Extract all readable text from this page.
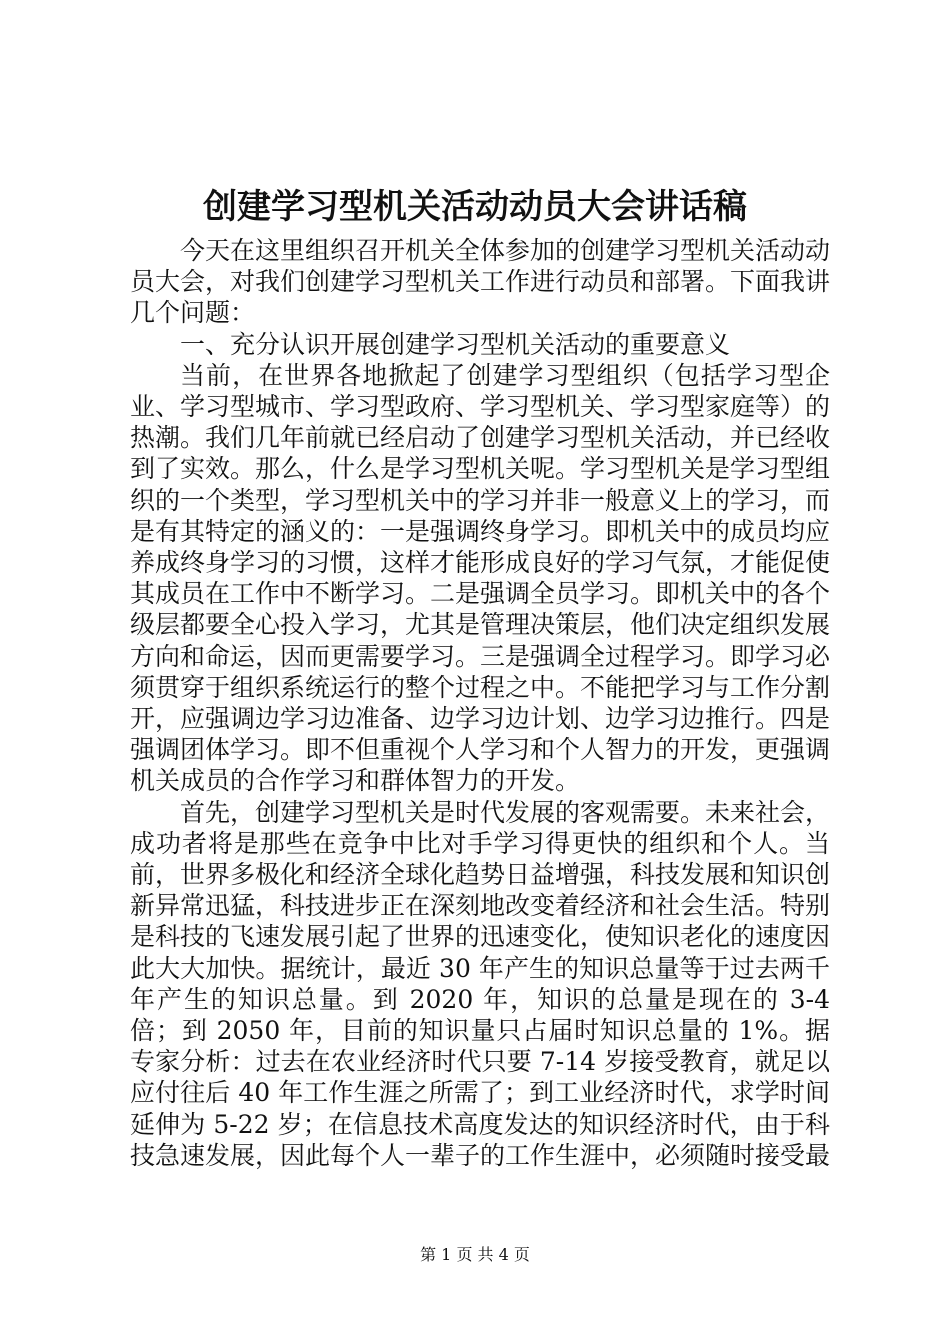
创建学习型机关活动动员大会讲话稿

今天在这里组织召开机关全体参加的创建学习型机关活动动员大会，对我们创建学习型机关工作进行动员和部署。下面我讲几个问题：

一、充分认识开展创建学习型机关活动的重要意义

当前，在世界各地掀起了创建学习型组织（包括学习型企业、学习型城市、学习型政府、学习型机关、学习型家庭等）的热潮。我们几年前就已经启动了创建学习型机关活动，并已经收到了实效。那么，什么是学习型机关呢。学习型机关是学习型组织的一个类型，学习型机关中的学习并非一般意义上的学习，而是有其特定的涵义的：一是强调终身学习。即机关中的成员均应养成终身学习的习惯，这样才能形成良好的学习气氛，才能促使其成员在工作中不断学习。二是强调全员学习。即机关中的各个级层都要全心投入学习，尤其是管理决策层，他们决定组织发展方向和命运，因而更需要学习。三是强调全过程学习。即学习必须贯穿于组织系统运行的整个过程之中。不能把学习与工作分割开，应强调边学习边准备、边学习边计划、边学习边推行。四是强调团体学习。即不但重视个人学习和个人智力的开发，更强调机关成员的合作学习和群体智力的开发。

首先，创建学习型机关是时代发展的客观需要。未来社会，成功者将是那些在竞争中比对手学习得更快的组织和个人。当前，世界多极化和经济全球化趋势日益增强，科技发展和知识创新异常迅猛，科技进步正在深刻地改变着经济和社会生活。特别是科技的飞速发展引起了世界的迅速变化，使知识老化的速度因此大大加快。据统计，最近 30 年产生的知识总量等于过去两千年产生的知识总量。到 2020 年，知识的总量是现在的 3-4 倍；到 2050 年，目前的知识量只占届时知识总量的 1%。据专家分析：过去在农业经济时代只要 7-14 岁接受教育，就足以应付往后 40 年工作生涯之所需了；到工业经济时代，求学时间延伸为 5-22 岁；在信息技术高度发达的知识经济时代，由于科技急速发展，因此每个人一辈子的工作生涯中，必须随时接受最

第 1 页 共 4 页
